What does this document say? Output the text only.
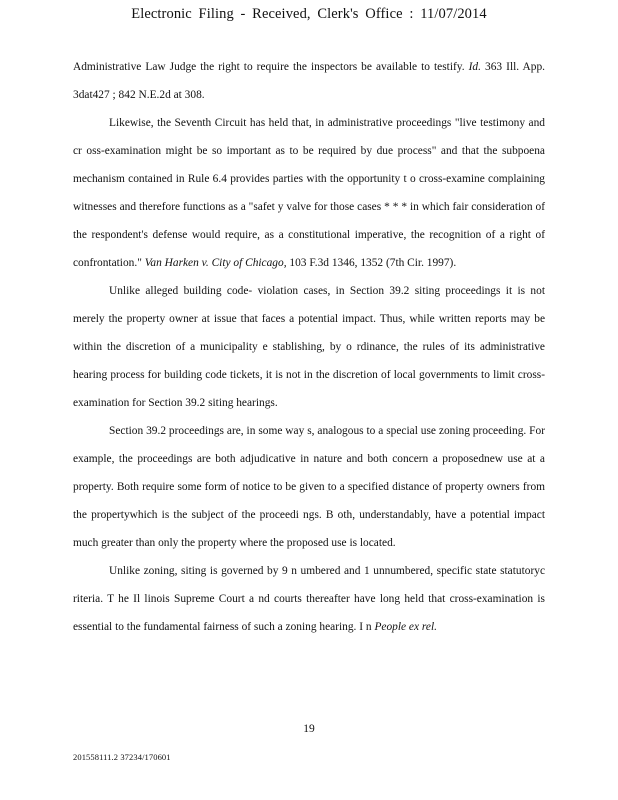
Electronic Filing - Received, Clerk's Office : 11/07/2014

Administrative Law Judge the right to require the inspectors be available to testify. Id. 363 Ill. App. 3dat427 ; 842 N.E.2d at 308.

Likewise, the Seventh Circuit has held that, in administrative proceedings "live testimony and cr oss-examination might be so important as to be required by due process" and that the subpoena mechanism contained in Rule 6.4 provides parties with the opportunity t o cross-examine complaining witnesses and therefore functions as a "safet y valve for those cases * * * in which fair consideration of the respondent's defense would require, as a constitutional imperative, the recognition of a right of confrontation." Van Harken v. City of Chicago, 103 F.3d 1346, 1352 (7th Cir. 1997).

Unlike alleged building code- violation cases, in Section 39.2 siting proceedings it is not merely the property owner at issue that faces a potential impact. Thus, while written reports may be within the discretion of a municipality e stablishing, by o rdinance, the rules of its administrative hearing process for building code tickets, it is not in the discretion of local governments to limit cross-examination for Section 39.2 siting hearings.

Section 39.2 proceedings are, in some way s, analogous to a special use zoning proceeding. For example, the proceedings are both adjudicative in nature and both concern a proposednew use at a property. Both require some form of notice to be given to a specified distance of property owners from the propertywhich is the subject of the proceedi ngs. B oth, understandably, have a potential impact much greater than only the property where the proposed use is located.

Unlike zoning, siting is governed by 9 n umbered and 1 unnumbered, specific state statutoryc riteria. T he Il linois Supreme Court a nd courts thereafter have long held that cross-examination is essential to the fundamental fairness of such a zoning hearing. I n People ex rel.

19
201558111.2 37234/170601
